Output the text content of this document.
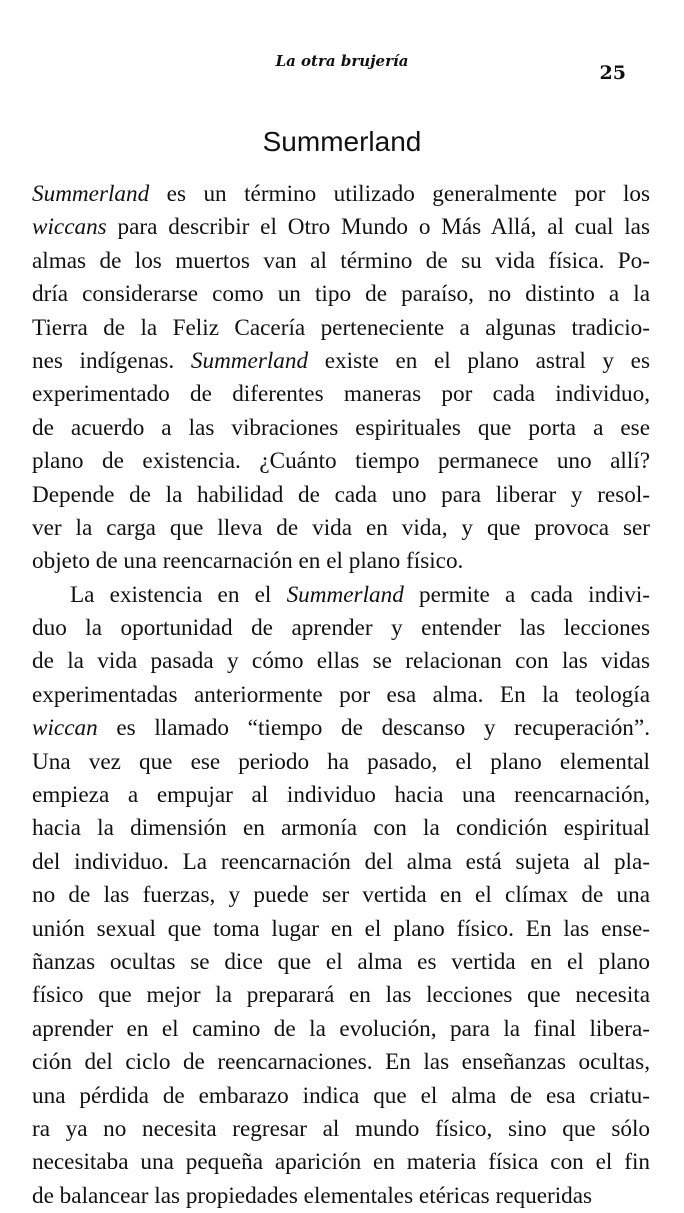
La otra brujería
25
Summerland
Summerland es un término utilizado generalmente por los
wiccans para describir el Otro Mundo o Más Allá, al cual las
almas de los muertos van al término de su vida física. Po-
dría considerarse como un tipo de paraíso, no distinto a la
Tierra de la Feliz Cacería perteneciente a algunas tradicio-
nes indígenas. Summerland existe en el plano astral y es
experimentado de diferentes maneras por cada individuo,
de acuerdo a las vibraciones espirituales que porta a ese
plano de existencia. ¿Cuánto tiempo permanece uno allí?
Depende de la habilidad de cada uno para liberar y resol-
ver la carga que lleva de vida en vida, y que provoca ser
objeto de una reencarnación en el plano físico.
La existencia en el Summerland permite a cada indivi-
duo la oportunidad de aprender y entender las lecciones
de la vida pasada y cómo ellas se relacionan con las vidas
experimentadas anteriormente por esa alma. En la teología
wiccan es llamado “tiempo de descanso y recuperación”.
Una vez que ese periodo ha pasado, el plano elemental
empieza a empujar al individuo hacia una reencarnación,
hacia la dimensión en armonía con la condición espiritual
del individuo. La reencarnación del alma está sujeta al pla-
no de las fuerzas, y puede ser vertida en el clímax de una
unión sexual que toma lugar en el plano físico. En las ense-
ñanzas ocultas se dice que el alma es vertida en el plano
físico que mejor la preparará en las lecciones que necesita
aprender en el camino de la evolución, para la final libera-
ción del ciclo de reencarnaciones. En las enseñanzas ocultas,
una pérdida de embarazo indica que el alma de esa criatu-
ra ya no necesita regresar al mundo físico, sino que sólo
necesitaba una pequeña aparición en materia física con el fin
de balancear las propiedades elementales etéricas requeridas
